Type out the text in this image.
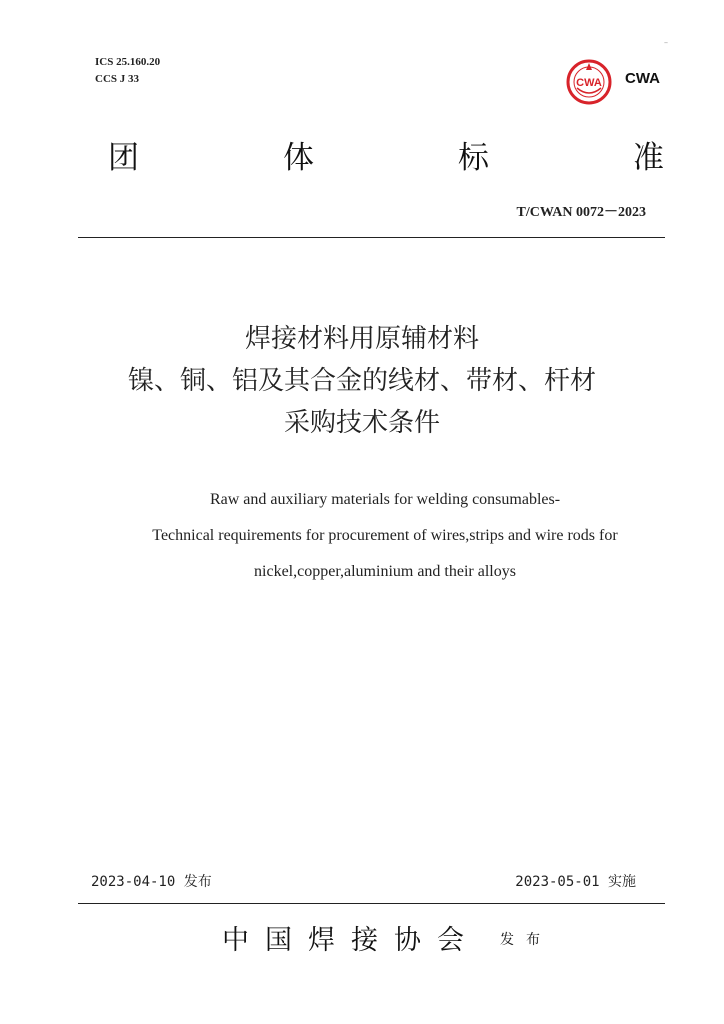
ICS 25.160.20
CCS J 33
–
CWA CWA
团	体	标	准
T/CWAN 0072－2023
焊接材料用原辅材料
镍、铜、铝及其合金的线材、带材、杆材
采购技术条件
Raw and auxiliary materials for welding consumables-
Technical requirements for procurement of wires,strips and wire rods for
nickel,copper,aluminium and their alloys
2023-04-10 发布	2023-05-01 实施
中国焊接协会 发布
